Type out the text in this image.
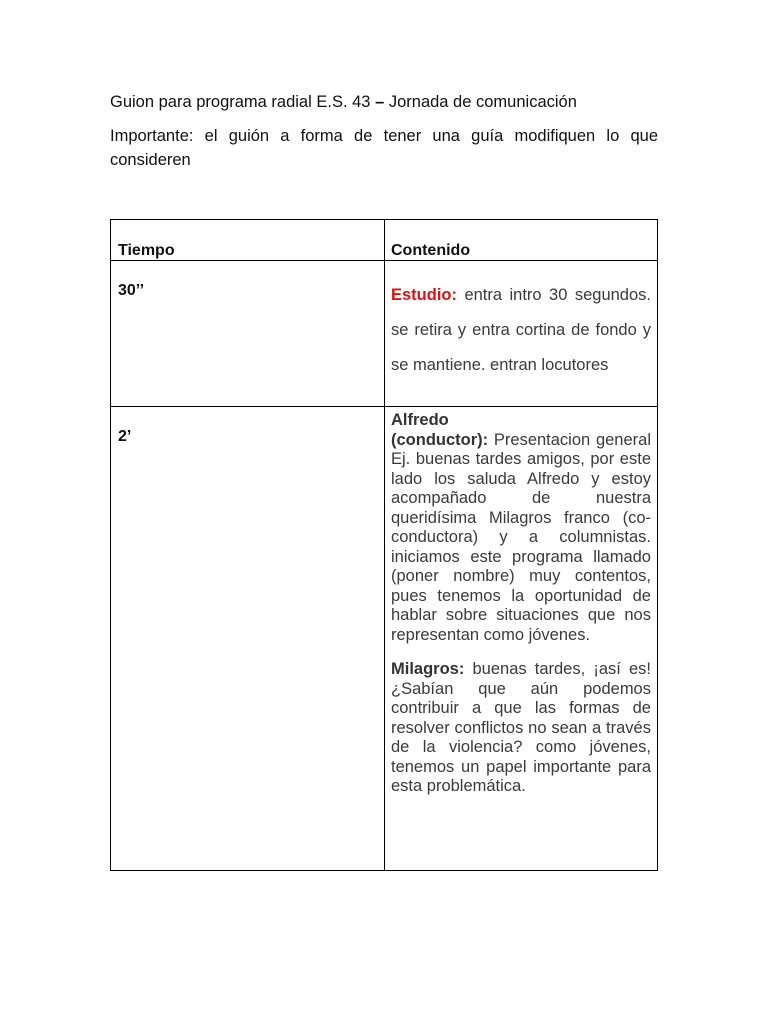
Guion para programa radial E.S. 43 – Jornada de comunicación
Importante: el guión a forma de tener una guía modifiquen lo que consideren
Tiempo	Contenido
30’’	Estudio: entra intro 30 segundos. se retira y entra cortina de fondo y se mantiene. entran locutores
2’

Alfredo
(conductor): Presentacion general Ej. buenas tardes amigos, por este lado los saluda Alfredo y estoy acompañado de nuestra queridísima Milagros franco (co-conductora) y a columnistas. iniciamos este programa llamado (poner nombre) muy contentos, pues tenemos la oportunidad de hablar sobre situaciones que nos representan como jóvenes.

Milagros: buenas tardes, ¡así es! ¿Sabían que aún podemos contribuir a que las formas de resolver conflictos no sean a través de la violencia? como jóvenes, tenemos un papel importante para esta problemática.
